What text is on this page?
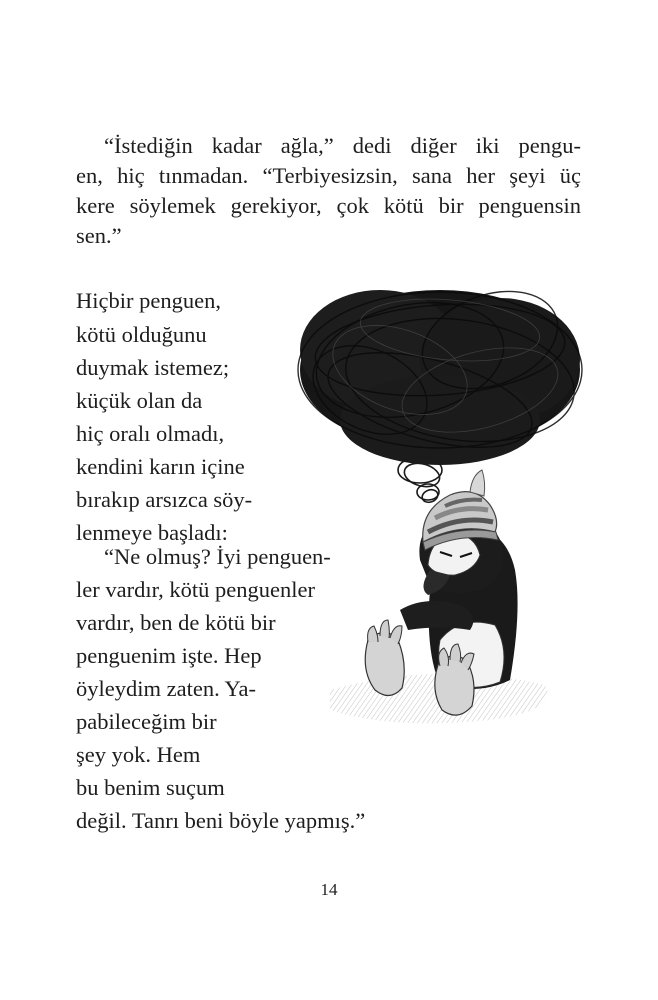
“İstediğin kadar ağla,” dedi diğer iki pengu-

en, hiç tınmadan. “Terbiyesizsin, sana her şeyi üç

kere söylemek gerekiyor, çok kötü bir penguensin

sen.”

Hiçbir penguen,

kötü olduğunu

duymak istemez;

küçük olan da

hiç oralı olmadı,

kendini karın içine

bırakıp arsızca söy-

lenmeye başladı:

“Ne olmuş? İyi penguen-

ler vardır, kötü penguenler

vardır, ben de kötü bir

penguenim işte. Hep

öyleydim zaten. Ya-

pabileceğim bir

şey yok. Hem

bu benim suçum

değil. Tanrı beni böyle yapmış.”

14
